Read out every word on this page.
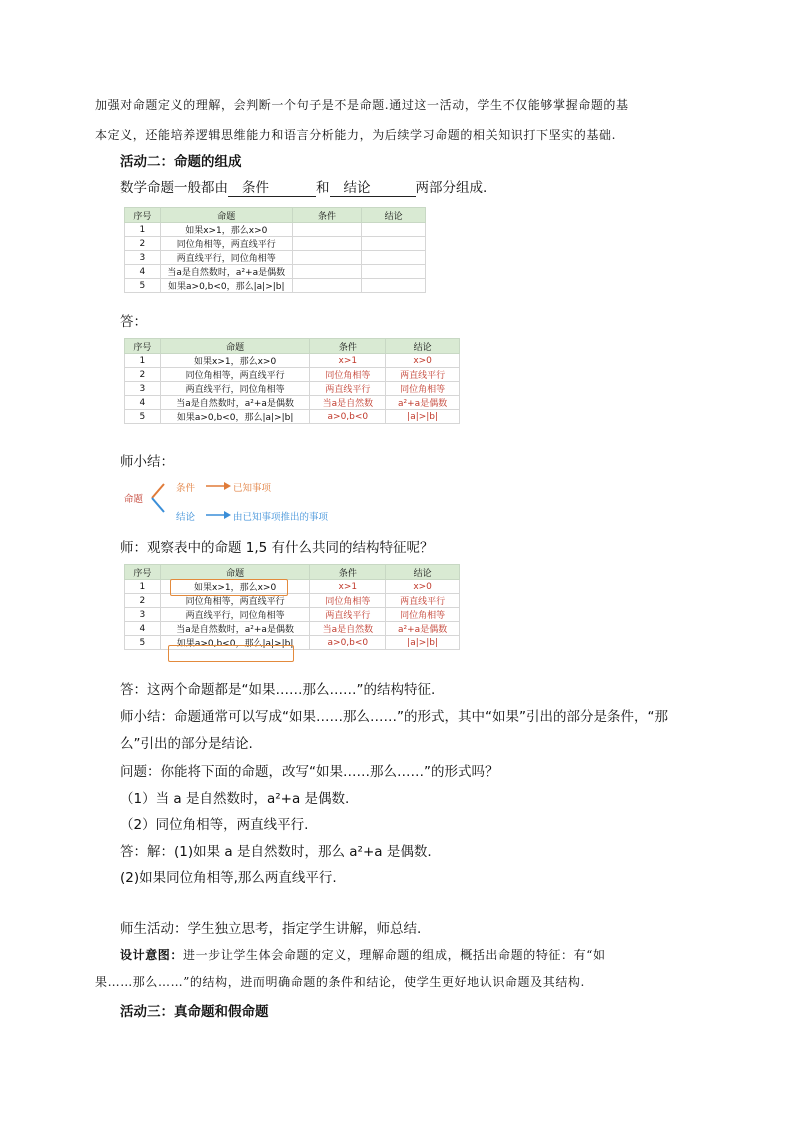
加强对命题定义的理解，会判断一个句子是不是命题.通过这一活动，学生不仅能够掌握命题的基
本定义，还能培养逻辑思维能力和语言分析能力，为后续学习命题的相关知识打下坚实的基础.
活动二：命题的组成
数学命题一般都由 条件	和 结论	两部分组成.
序号	命题	条件	结论
1	如果x>1，那么x>0		
2	同位角相等，两直线平行		
3	两直线平行，同位角相等		
4	当a是自然数时，a²+a是偶数		
5	如果a>0,b<0，那么|a|>|b|		
答：
序号	命题	条件	结论
1	如果x>1，那么x>0	x>1	x>0
2	同位角相等，两直线平行	同位角相等	两直线平行
3	两直线平行，同位角相等	两直线平行	同位角相等
4	当a是自然数时，a²+a是偶数	当a是自然数	a²+a是偶数
5	如果a>0,b<0，那么|a|>|b|	a>0,b<0	|a|>|b|
师小结：
命题
条件	已知事项
结论	由已知事项推出的事项
师：观察表中的命题 1,5 有什么共同的结构特征呢？
序号	命题	条件	结论
1	如果x>1，那么x>0	x>1	x>0
2	同位角相等，两直线平行	同位角相等	两直线平行
3	两直线平行，同位角相等	两直线平行	同位角相等
4	当a是自然数时，a²+a是偶数	当a是自然数	a²+a是偶数
5	如果a>0,b<0，那么|a|>|b|	a>0,b<0	|a|>|b|
答：这两个命题都是“如果……那么……”的结构特征.
师小结：命题通常可以写成“如果……那么……”的形式，其中“如果”引出的部分是条件，“那
么”引出的部分是结论.
问题：你能将下面的命题，改写“如果……那么……”的形式吗？
（1）当 a 是自然数时，a²+a 是偶数.
（2）同位角相等，两直线平行.
答：解：(1)如果 a 是自然数时，那么 a²+a 是偶数.
(2)如果同位角相等,那么两直线平行.
师生活动：学生独立思考，指定学生讲解，师总结.
设计意图：进一步让学生体会命题的定义，理解命题的组成，概括出命题的特征：有“如
果……那么……”的结构，进而明确命题的条件和结论，使学生更好地认识命题及其结构.
活动三：真命题和假命题
